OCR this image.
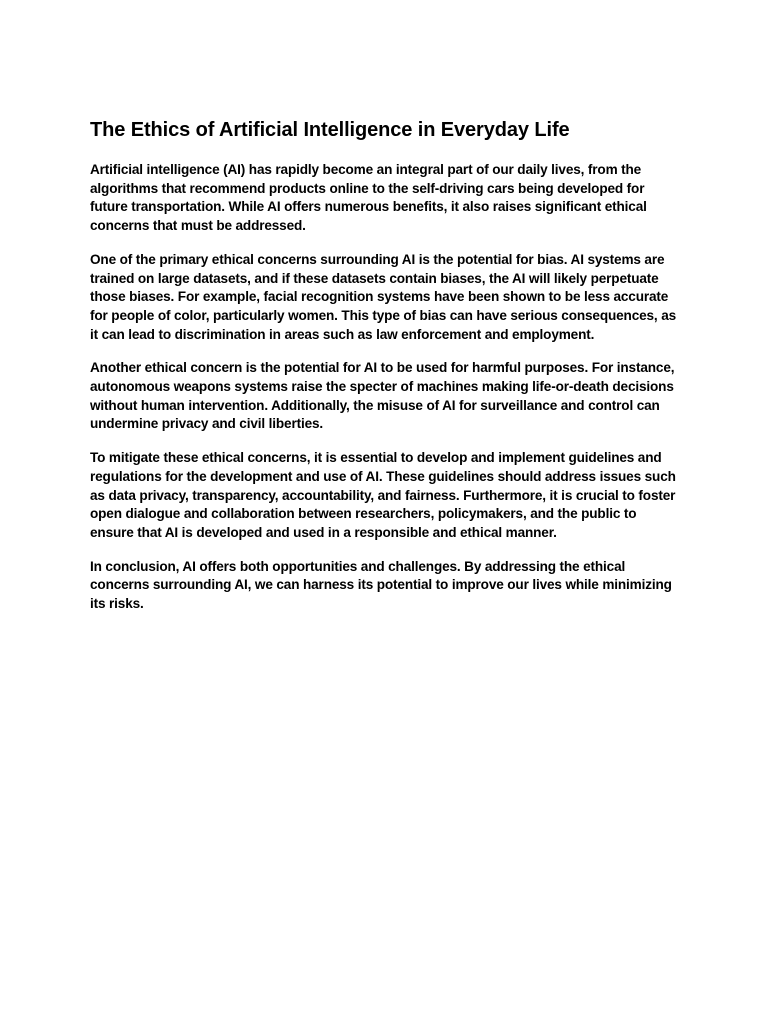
The Ethics of Artificial Intelligence in Everyday Life

Artificial intelligence (AI) has rapidly become an integral part of our daily lives, from the algorithms that recommend products online to the self-driving cars being developed for future transportation. While AI offers numerous benefits, it also raises significant ethical concerns that must be addressed.

One of the primary ethical concerns surrounding AI is the potential for bias. AI systems are trained on large datasets, and if these datasets contain biases, the AI will likely perpetuate those biases. For example, facial recognition systems have been shown to be less accurate for people of color, particularly women. This type of bias can have serious consequences, as it can lead to discrimination in areas such as law enforcement and employment.

Another ethical concern is the potential for AI to be used for harmful purposes. For instance, autonomous weapons systems raise the specter of machines making life-or-death decisions without human intervention. Additionally, the misuse of AI for surveillance and control can undermine privacy and civil liberties.

To mitigate these ethical concerns, it is essential to develop and implement guidelines and regulations for the development and use of AI. These guidelines should address issues such as data privacy, transparency, accountability, and fairness. Furthermore, it is crucial to foster open dialogue and collaboration between researchers, policymakers, and the public to ensure that AI is developed and used in a responsible and ethical manner.

In conclusion, AI offers both opportunities and challenges. By addressing the ethical concerns surrounding AI, we can harness its potential to improve our lives while minimizing its risks.
